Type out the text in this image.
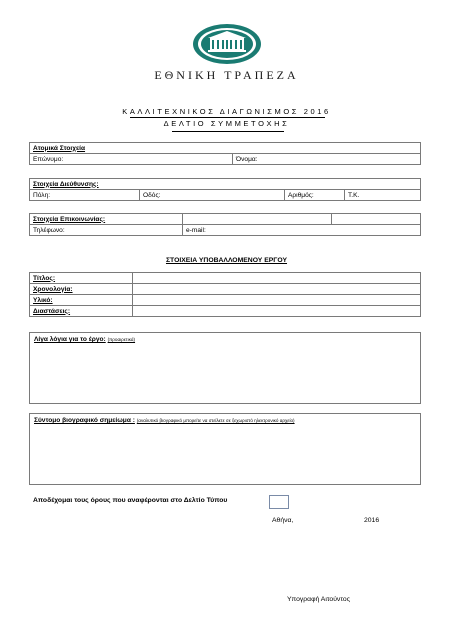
ΕΘΝΙΚΗ ΤΡΑΠΕΖΑ
ΚΑΛΛΙΤΕΧΝΙΚΟΣ ΔΙΑΓΩΝΙΣΜΟΣ 2016
ΔΕΛΤΙΟ ΣΥΜΜΕΤΟΧΗΣ
Ατομικά Στοιχεία
Επώνυμο:	Όνομα:
Στοιχεία Διεύθυνσης:
Πόλη:	Οδός:	Αριθμός:	Τ.Κ.
Στοιχεία Επικοινωνίας:		
Τηλέφωνο:	e-mail:	
ΣΤΟΙΧΕΙΑ ΥΠΟΒΑΛΛΟΜΕΝΟΥ ΕΡΓΟΥ
Τίτλος:	
Χρονολογία:	
Υλικό:	
Διαστάσεις:	
Λίγα λόγια για το έργο: (προαιρετικά)
Σύντομο βιογραφικό σημείωμα : (αναλυτικό βιογραφικό μπορείτε να στείλετε σε ξεχωριστό ηλεκτρονικό αρχείο)
Αποδέχομαι τους όρους που αναφέρονται στο Δελτίο Τύπου
Αθήνα,	2016
Υπογραφή Αιτούντος
